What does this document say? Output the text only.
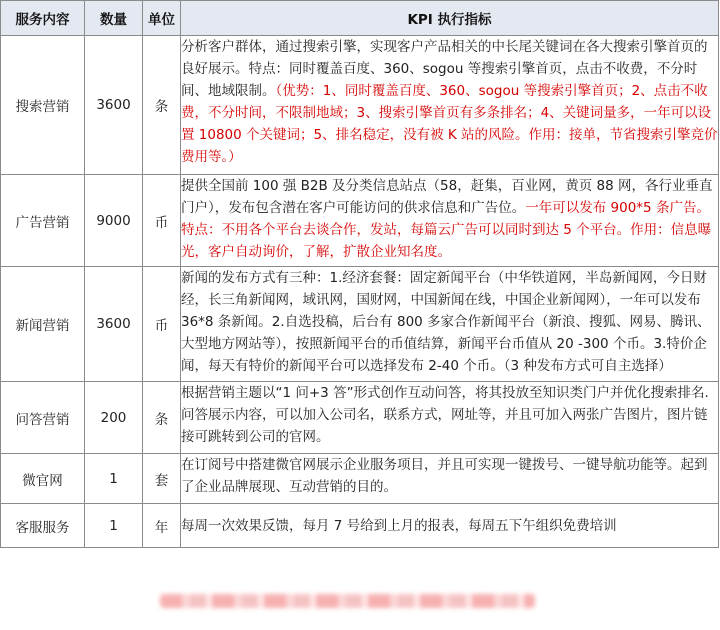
服务内容	数量	单位	KPI 执行指标
搜索营销	3600	条	分析客户群体，通过搜索引擎，实现客户产品相关的中长尾关键词在各大搜索引擎首页的良好展示。特点：同时覆盖百度、360、sogou 等搜索引擎首页，点击不收费，不分时间、地域限制。（优势：1、同时覆盖百度、360、sogou 等搜索引擎首页；2、点击不收费，不分时间，不限制地域；3、搜索引擎首页有多条排名；4、关键词量多，一年可以设置 10800 个关键词；5、排名稳定，没有被 K 站的风险。作用：接单，节省搜索引擎竞价费用等。）
广告营销	9000	币	提供全国前 100 强 B2B 及分类信息站点（58，赶集，百业网，黄页 88 网，各行业垂直门户），发布包含潜在客户可能访问的供求信息和广告位。一年可以发布 900*5 条广告。特点：不用各个平台去谈合作，发站，每篇云广告可以同时到达 5 个平台。作用：信息曝光，客户自动询价，了解，扩散企业知名度。
新闻营销	3600	币	新闻的发布方式有三种：1.经济套餐：固定新闻平台（中华铁道网，半岛新闻网，今日财经，长三角新闻网，域讯网，国财网，中国新闻在线，中国企业新闻网），一年可以发布 36*8 条新闻。2.自选投稿，后台有 800 多家合作新闻平台（新浪、搜狐、网易、腾讯、大型地方网站等），按照新闻平台的币值结算，新闻平台币值从 20 -300 个币。3.特价企闻，每天有特价的新闻平台可以选择发布 2-40 个币。（3 种发布方式可自主选择）
问答营销	200	条	根据营销主题以“1 问+3 答”形式创作互动问答，将其投放至知识类门户并优化搜索排名. 问答展示内容，可以加入公司名，联系方式，网址等，并且可加入两张广告图片，图片链接可跳转到公司的官网。
微官网	1	套	在订阅号中搭建微官网展示企业服务项目，并且可实现一键拨号、一键导航功能等。起到了企业品牌展现、互动营销的目的。
客服服务	1	年	每周一次效果反馈，每月 7 号给到上月的报表，每周五下午组织免费培训
